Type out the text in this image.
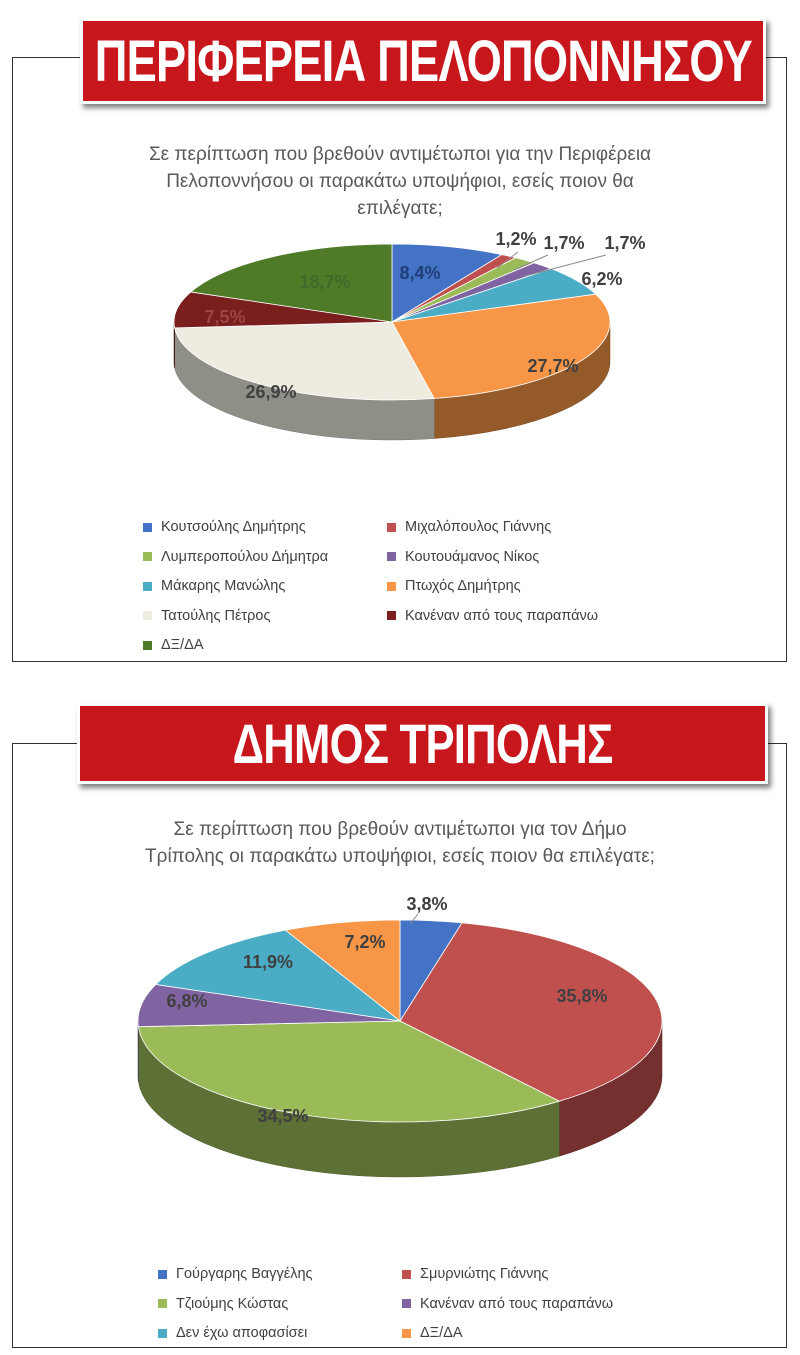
ΠΕΡΙΦΕΡΕΙΑ ΠΕΛΟΠΟΝΝΗΣΟΥ
ΔΗΜΟΣ ΤΡΙΠΟΛΗΣ
Σε περίπτωση που βρεθούν αντιμέτωποι για την Περιφέρεια
Πελοποννήσου οι παρακάτω υποψήφιοι, εσείς ποιον θα
επιλέγατε;
Σε περίπτωση που βρεθούν αντιμέτωποι για τον Δήμο
Τρίπολης οι παρακάτω υποψήφιοι, εσείς ποιον θα επιλέγατε;
8,4%
1,2% 1,7% 1,7%
6,2%
27,7%
26,9%
7,5%
18,7%
3,8%
35,8%
34,5%
6,8%
11,9%
7,2%
Κουτσούλης Δημήτρης	Μιχαλόπουλος Γιάννης
Λυμπεροπούλου Δήμητρα	Κουτουάμανος Νίκος
Μάκαρης Μανώλης	Πτωχός Δημήτρης
Τατούλης Πέτρος	Κανέναν από τους παραπάνω
ΔΞ/ΔΑ
Γούργαρης Βαγγέλης	Σμυρνιώτης Γιάννης
Τζιούμης Κώστας	Κανέναν από τους παραπάνω
Δεν έχω αποφασίσει	ΔΞ/ΔΑ
